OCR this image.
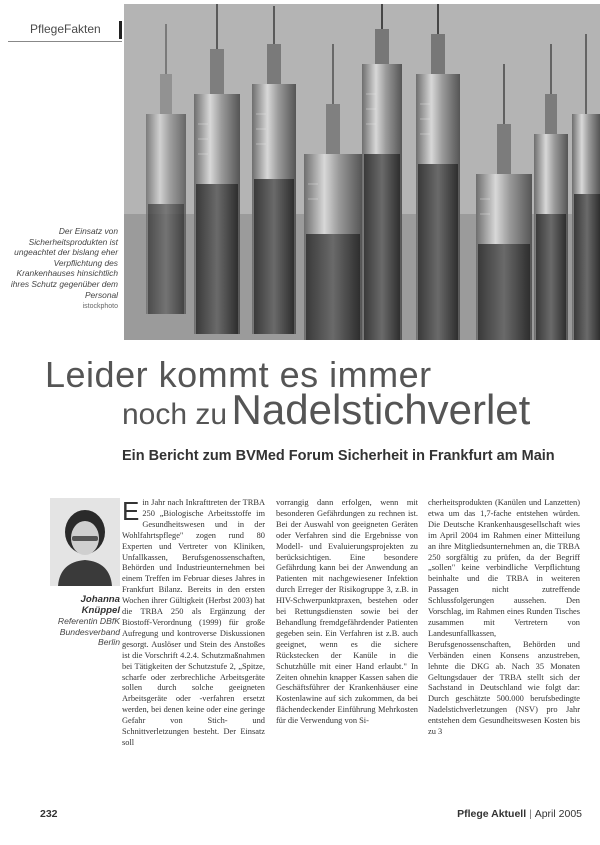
PflegeFakten
Der Einsatz von Sicherheitsprodukten ist ungeachtet der bislang eher Verpflichtung des Krankenhauses hinsichtlich ihres Schutz gegenüber dem Personal
istockphoto
Leider kommt es immer
noch zu Nadelstichverlet
Ein Bericht zum BVMed Forum Sicherheit in Frankfurt am Main
Johanna Knüppel
Referentin DBfK Bundesverband Berlin
E in Jahr nach Inkrafttreten der TRBA 250 „Biologische Arbeitsstoffe im Gesundheitswesen und in der Wohlfahrtspflege" zogen rund 80 Experten und Vertreter von Kliniken, Unfallkassen, Berufsgenossenschaften, Behörden und Industrieunternehmen bei einem Treffen im Februar dieses Jahres in Frankfurt Bilanz. Bereits in den ersten Wochen ihrer Gültigkeit (Herbst 2003) hat die TRBA 250 als Ergänzung der Biostoff-Verordnung (1999) für große Aufregung und kontroverse Diskussionen gesorgt. Auslöser und Stein des Anstoßes ist die Vorschrift 4.2.4. Schutzmaßnahmen bei Tätigkeiten der Schutzstufe 2, „Spitze, scharfe oder zerbrechliche Arbeitsgeräte sollen durch solche geeigneten Arbeitsgeräte oder -verfahren ersetzt werden, bei denen keine oder eine geringe Gefahr von Stich- und Schnittverletzungen besteht. Der Einsatz soll

vorrangig dann erfolgen, wenn mit besonderen Gefährdungen zu rechnen ist. Bei der Auswahl von geeigneten Geräten oder Verfahren sind die Ergebnisse von Modell- und Evaluierungsprojekten zu berücksichtigen. Eine besondere Gefährdung kann bei der Anwendung an Patienten mit nachgewiesener Infektion durch Erreger der Risikogruppe 3, z.B. in HIV-Schwerpunktpraxen, bestehen oder bei Rettungsdiensten sowie bei der Behandlung fremdgefährdender Patienten gegeben sein. Ein Verfahren ist z.B. auch geeignet, wenn es die sichere Rückstecken der Kanüle in die Schutzhülle mit einer Hand erlaubt." In Zeiten ohnehin knapper Kassen sahen die Geschäftsführer der Krankenhäuser eine Kostenlawine auf sich zukommen, da bei flächendeckender Einführung Mehrkosten für die Verwendung von Si-

cherheitsprodukten (Kanülen und Lanzetten) etwa um das 1,7-fache entstehen würden. Die Deutsche Krankenhausgesellschaft wies im April 2004 im Rahmen einer Mitteilung an ihre Mitgliedsunternehmen an, die TRBA 250 sorgfältig zu prüfen, da der Begriff „sollen" keine verbindliche Verpflichtung beinhalte und die TRBA in weiteren Passagen nicht zutreffende Schlussfolgerungen aussehen. Den Vorschlag, im Rahmen eines Runden Tisches zusammen mit Vertretern von Landesunfallkassen, Berufsgenossenschaften, Behörden und Verbänden einen Konsens anzustreben, lehnte die DKG ab. Nach 35 Monaten Geltungsdauer der TRBA stellt sich der Sachstand in Deutschland wie folgt dar: Durch geschätzte 500.000 berufsbedingte Nadelstichverletzungen (NSV) pro Jahr entstehen dem Gesundheitswesen Kosten bis zu 3

232	Pflege Aktuell | April 2005
